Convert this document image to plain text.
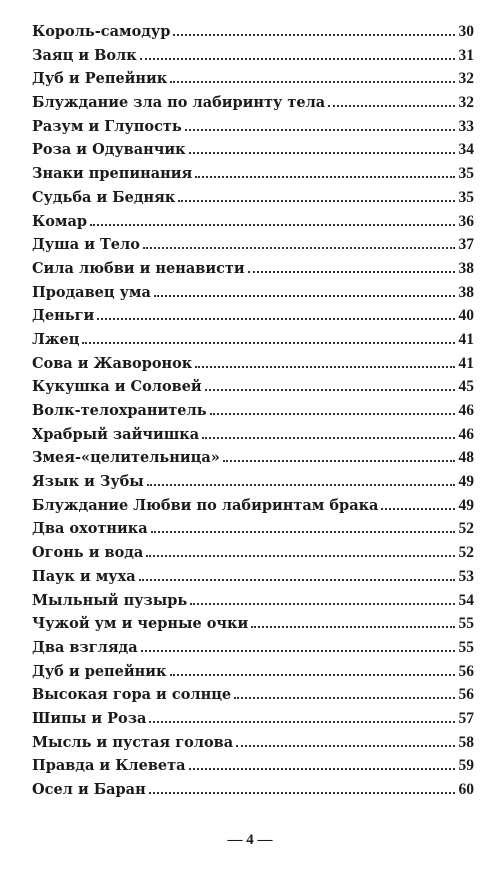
Король-самодур	30
Заяц и Волк	31
Дуб и Репейник	32
Блуждание зла по лабиринту тела	32
Разум и Глупость	33
Роза и Одуванчик	34
Знаки препинания	35
Судьба и Бедняк	35
Комар	36
Душа и Тело	37
Сила любви и ненависти	38
Продавец ума	38
Деньги	40
Лжец	41
Сова и Жаворонок	41
Кукушка и Соловей	45
Волк-телохранитель	46
Храбрый зайчишка	46
Змея-«целительница»	48
Язык и Зубы	49
Блуждание Любви по лабиринтам брака	49
Два охотника	52
Огонь и вода	52
Паук и муха	53
Мыльный пузырь	54
Чужой ум и черные очки	55
Два взгляда	55
Дуб и репейник	56
Высокая гора и солнце	56
Шипы и Роза	57
Мысль и пустая голова	58
Правда и Клевета	59
Осел и Баран	60
— 4 —
